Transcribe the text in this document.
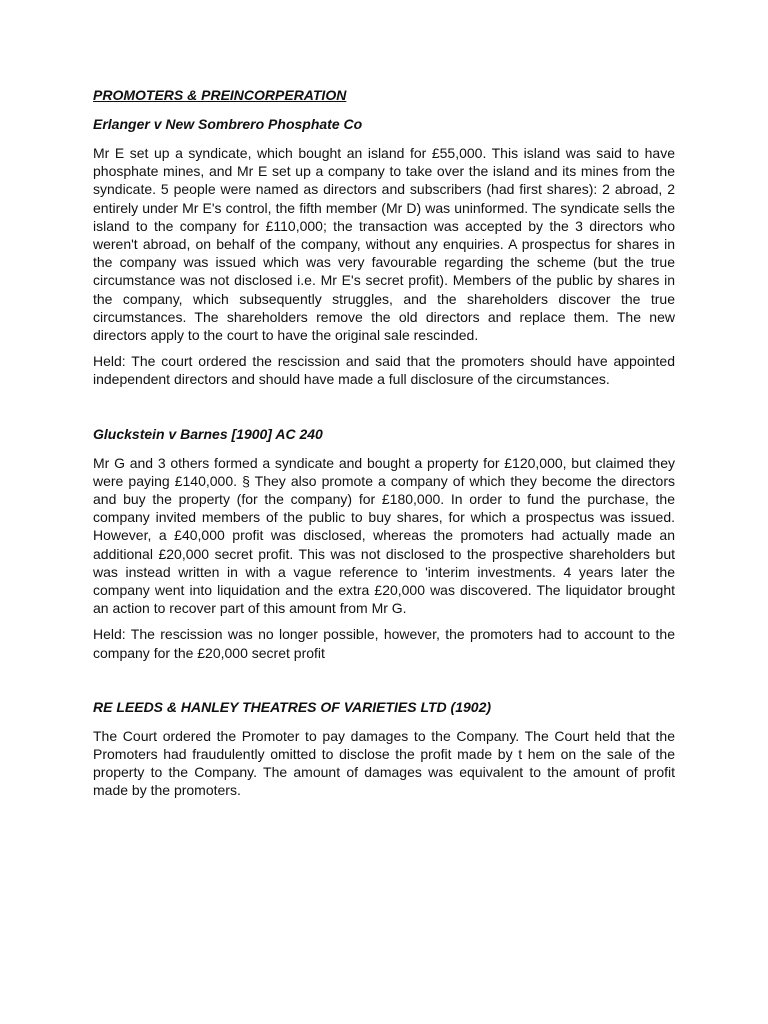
PROMOTERS & PREINCORPERATION
Erlanger v New Sombrero Phosphate Co

Mr E set up a syndicate, which bought an island for £55,000. This island was said to have phosphate mines, and Mr E set up a company to take over the island and its mines from the syndicate. 5 people were named as directors and subscribers (had first shares): 2 abroad, 2 entirely under Mr E's control, the fifth member (Mr D) was uninformed. The syndicate sells the island to the company for £110,000; the transaction was accepted by the 3 directors who weren't abroad, on behalf of the company, without any enquiries. A prospectus for shares in the company was issued which was very favourable regarding the scheme (but the true circumstance was not disclosed i.e. Mr E's secret profit). Members of the public by shares in the company, which subsequently struggles, and the shareholders discover the true circumstances. The shareholders remove the old directors and replace them. The new directors apply to the court to have the original sale rescinded.

Held: The court ordered the rescission and said that the promoters should have appointed independent directors and should have made a full disclosure of the circumstances.

Gluckstein v Barnes [1900] AC 240

Mr G and 3 others formed a syndicate and bought a property for £120,000, but claimed they were paying £140,000. § They also promote a company of which they become the directors and buy the property (for the company) for £180,000. In order to fund the purchase, the company invited members of the public to buy shares, for which a prospectus was issued. However, a £40,000 profit was disclosed, whereas the promoters had actually made an additional £20,000 secret profit. This was not disclosed to the prospective shareholders but was instead written in with a vague reference to 'interim investments. 4 years later the company went into liquidation and the extra £20,000 was discovered. The liquidator brought an action to recover part of this amount from Mr G.

Held: The rescission was no longer possible, however, the promoters had to account to the company for the £20,000 secret profit

RE LEEDS & HANLEY THEATRES OF VARIETIES LTD (1902)

The Court ordered the Promoter to pay damages to the Company. The Court held that the Promoters had fraudulently omitted to disclose the profit made by t hem on the sale of the property to the Company. The amount of damages was equivalent to the amount of profit made by the promoters.
